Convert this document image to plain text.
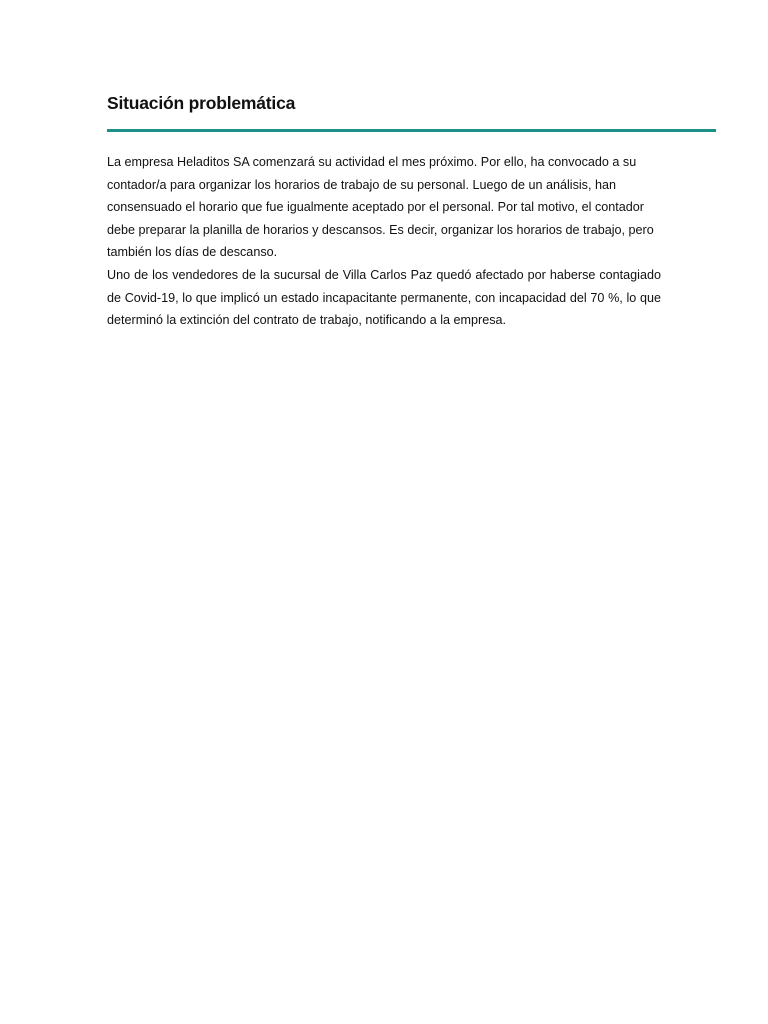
Situación problemática

La empresa Heladitos SA comenzará su actividad el mes próximo. Por ello, ha convocado a su contador/a para organizar los horarios de trabajo de su personal. Luego de un análisis, han consensuado el horario que fue igualmente aceptado por el personal. Por tal motivo, el contador debe preparar la planilla de horarios y descansos. Es decir, organizar los horarios de trabajo, pero también los días de descanso.

Uno de los vendedores de la sucursal de Villa Carlos Paz quedó afectado por haberse contagiado de Covid-19, lo que implicó un estado incapacitante permanente, con incapacidad del 70 %, lo que determinó la extinción del contrato de trabajo, notificando a la empresa.
